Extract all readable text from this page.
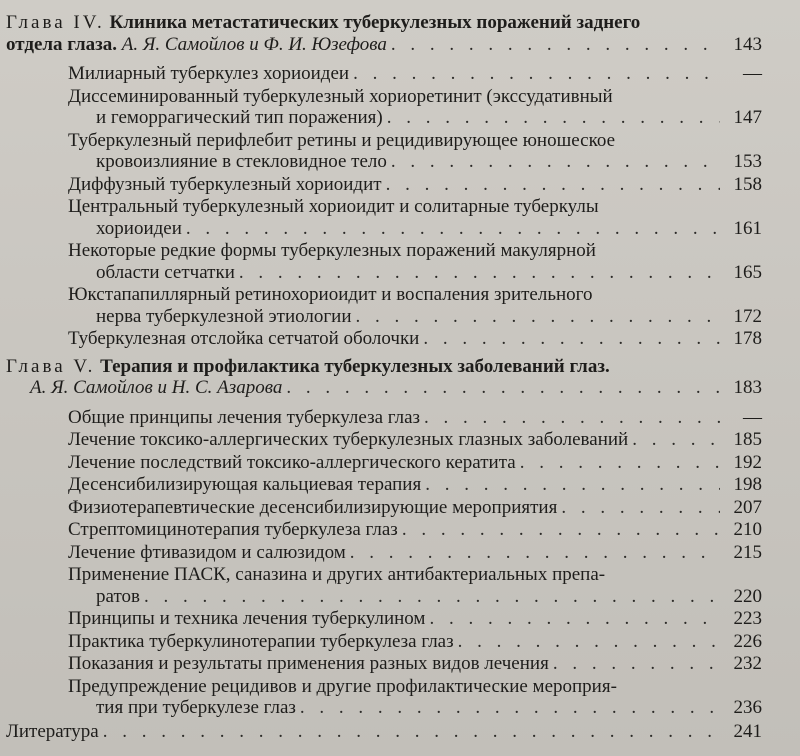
Глава IV. Клиника метастатических туберкулезных поражений заднего
отдела глаза. А. Я. Самойлов и Ф. И. Юзефова . . .	143
Милиарный туберкулез хориоидеи . . .	—
Диссеминированный туберкулезный хориоретинит (экссудативный
и геморрагический тип поражения) . . .	147
Туберкулезный перифлебит ретины и рецидивирующее юношеское
кровоизлияние в стекловидное тело . . .	153
Диффузный туберкулезный хориоидит . . .	158
Центральный туберкулезный хориоидит и солитарные туберкулы
хориоидеи . . .	161
Некоторые редкие формы туберкулезных поражений макулярной
области сетчатки . . .	165
Юкстапапиллярный ретинохориоидит и воспаления зрительного
нерва туберкулезной этиологии . . .	172
Туберкулезная отслойка сетчатой оболочки . . .	178
Глава V. Терапия и профилактика туберкулезных заболеваний глаз.
А. Я. Самойлов и Н. С. Азарова . . .	183
Общие принципы лечения туберкулеза глаз . . .	—
Лечение токсико-аллергических туберкулезных глазных заболеваний . . .	185
Лечение последствий токсико-аллергического кератита . . .	192
Десенсибилизирующая кальциевая терапия . . .	198
Физиотерапевтические десенсибилизирующие мероприятия . . .	207
Стрептомицинотерапия туберкулеза глаз . . .	210
Лечение фтивазидом и салюзидом . . .	215
Применение ПАСК, саназина и других антибактериальных препа-
ратов . . .	220
Принципы и техника лечения туберкулином . . .	223
Практика туберкулинотерапии туберкулеза глаз . . .	226
Показания и результаты применения разных видов лечения . . .	232
Предупреждение рецидивов и другие профилактические мероприя-
тия при туберкулезе глаз . . .	236
Литература . . .	241
